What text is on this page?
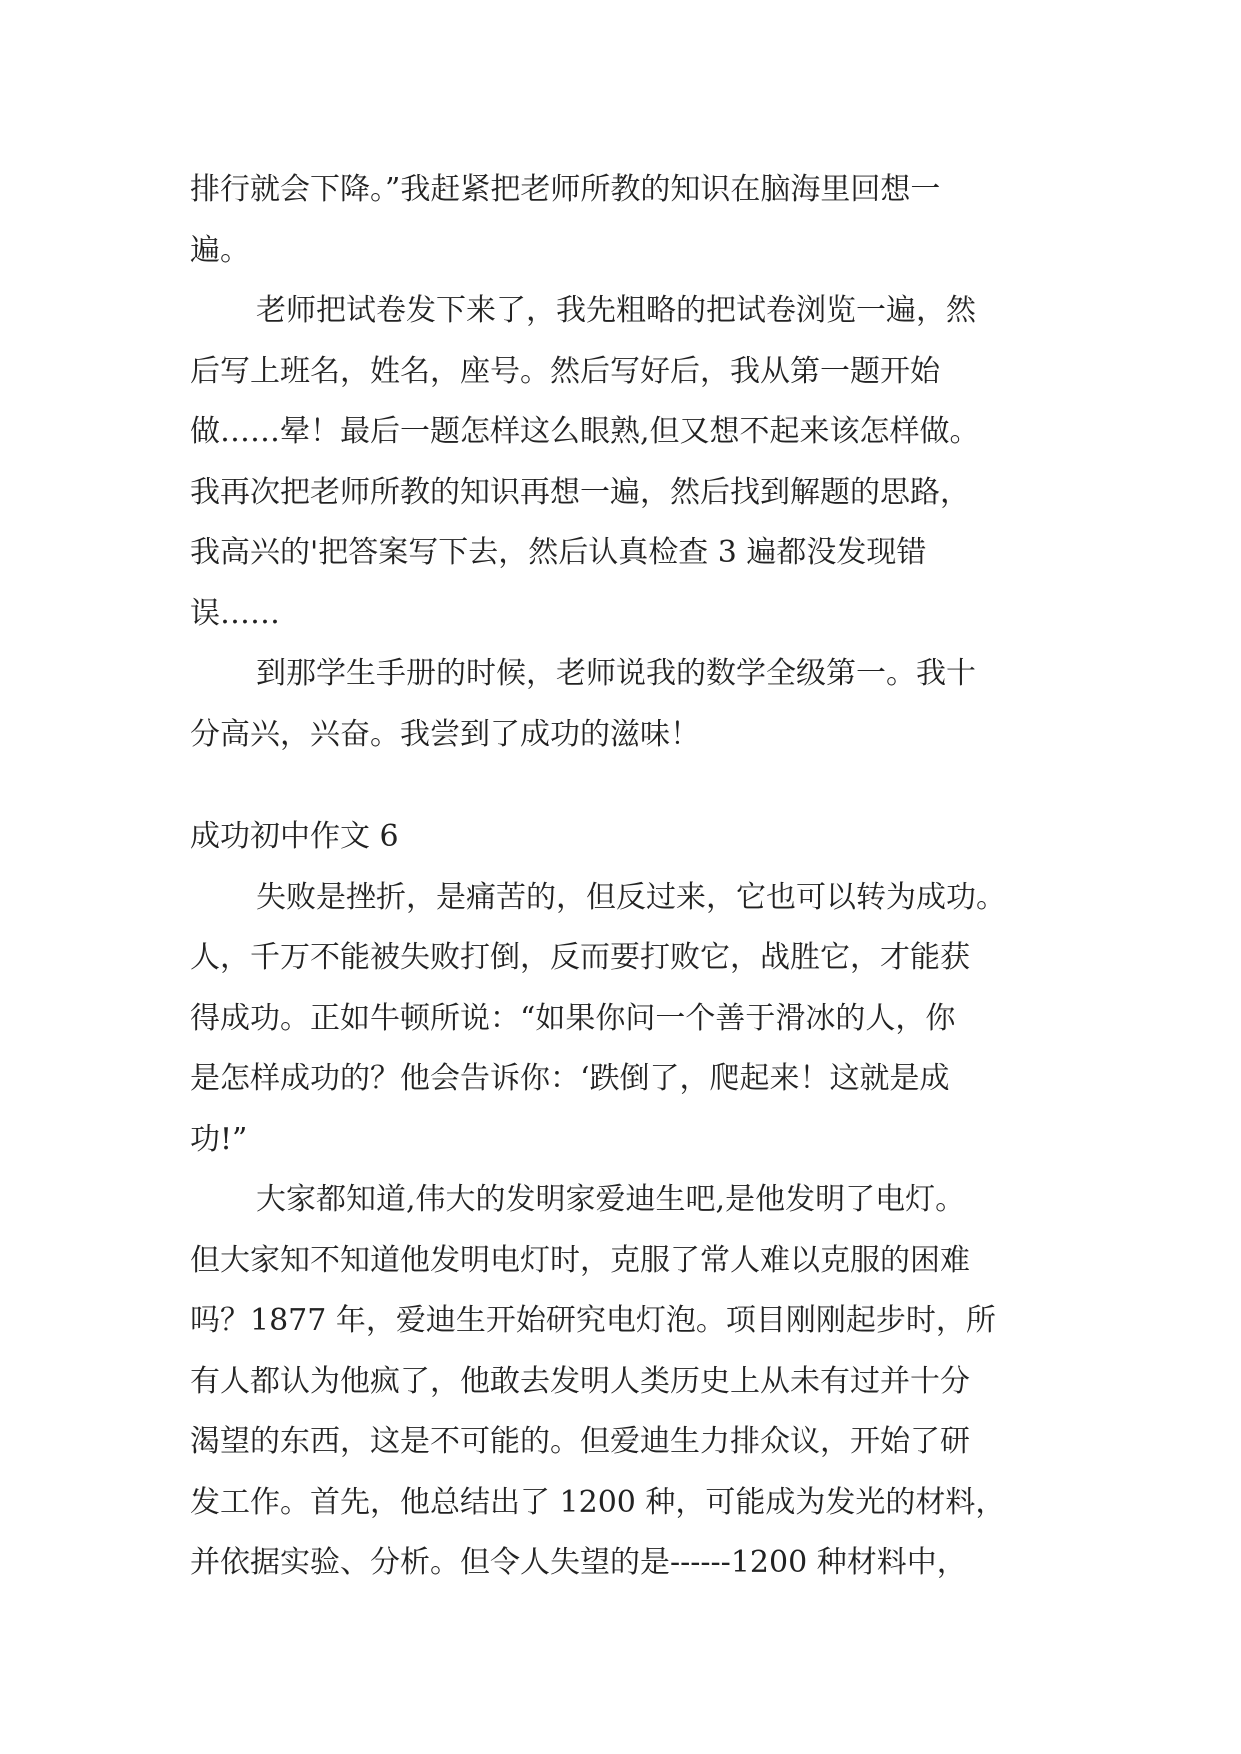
排行就会下降。”我赶紧把老师所教的知识在脑海里回想一
遍。
老师把试卷发下来了，我先粗略的把试卷浏览一遍，然
后写上班名，姓名，座号。然后写好后，我从第一题开始
做……晕！最后一题怎样这么眼熟,但又想不起来该怎样做。
我再次把老师所教的知识再想一遍，然后找到解题的思路，
我高兴的'把答案写下去，然后认真检查 3 遍都没发现错
误……
到那学生手册的时候，老师说我的数学全级第一。我十
分高兴，兴奋。我尝到了成功的滋味！
成功初中作文 6
失败是挫折，是痛苦的，但反过来，它也可以转为成功。
人，千万不能被失败打倒，反而要打败它，战胜它，才能获
得成功。正如牛顿所说：“如果你问一个善于滑冰的人，你
是怎样成功的？他会告诉你：‘跌倒了，爬起来！这就是成
功!”
大家都知道,伟大的发明家爱迪生吧,是他发明了电灯。
但大家知不知道他发明电灯时，克服了常人难以克服的困难
吗？1877 年，爱迪生开始研究电灯泡。项目刚刚起步时，所
有人都认为他疯了，他敢去发明人类历史上从未有过并十分
渴望的东西，这是不可能的。但爱迪生力排众议，开始了研
发工作。首先，他总结出了 1200 种，可能成为发光的材料，
并依据实验、分析。但令人失望的是------1200 种材料中，
